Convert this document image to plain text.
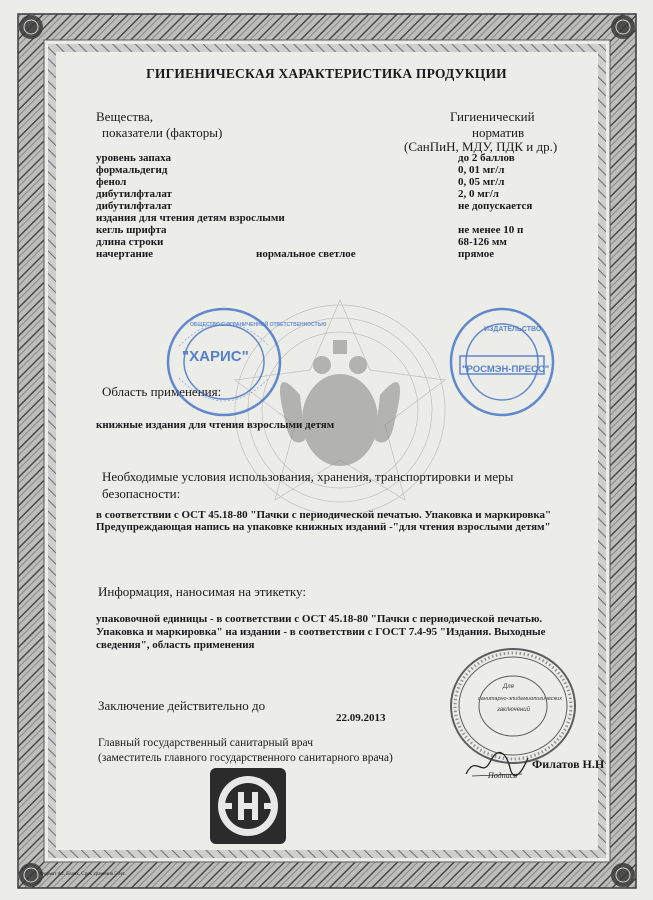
ГИГИЕНИЧЕСКАЯ ХАРАКТЕРИСТИКА ПРОДУКЦИИ
Вещества,
показатели (факторы)
Гигиенический
норматив
(СанПиН, МДУ, ПДК и др.)
уровень запаха	до 2 баллов
формальдегид	0, 01 мг/л
фенол	0, 05 мг/л
дибутилфталат	2, 0 мг/л
дибутилфталат	не допускается
издания для чтения детям взрослыми
кегль шрифта	не менее 10 п
длина строки	68-126 мм
начертание	нормальное светлое	прямое
Область применения:
книжные издания для чтения взрослыми детям
Необходимые условия использования, хранения, транспортировки и меры
безопасности:
в соответствии с ОСТ 45.18-80 "Пачки с периодической печатью. Упаковка и маркировка"
Предупреждающая напись на упаковке книжных изданий -"для чтения взрослыми детям"
Информация, наносимая на этикетку:
упаковочной единицы - в соответствии с ОСТ 45.18-80 "Пачки с периодической печатью.
Упаковка и маркировка" на издании - в соответствии с ГОСТ 7.4-95 "Издания. Выходные
сведения", область применения
Заключение действительно до
22.09.2013
Главный государственный санитарный врач
(заместитель главного государственного санитарного врача)
Подпись
Филатов Н.Н
"ХАРИС"
ОБЩЕСТВО С ОГРАНИЧЕННОЙ ОТВЕТСТВЕННОСТЬЮ
"РОСМЭН-ПРЕСС"
ИЗДАТЕЛЬСТВО
Для
санитарно-эпидемиологических
заключений
Формат А4. Бланк. Срок хранения 5 лет.
